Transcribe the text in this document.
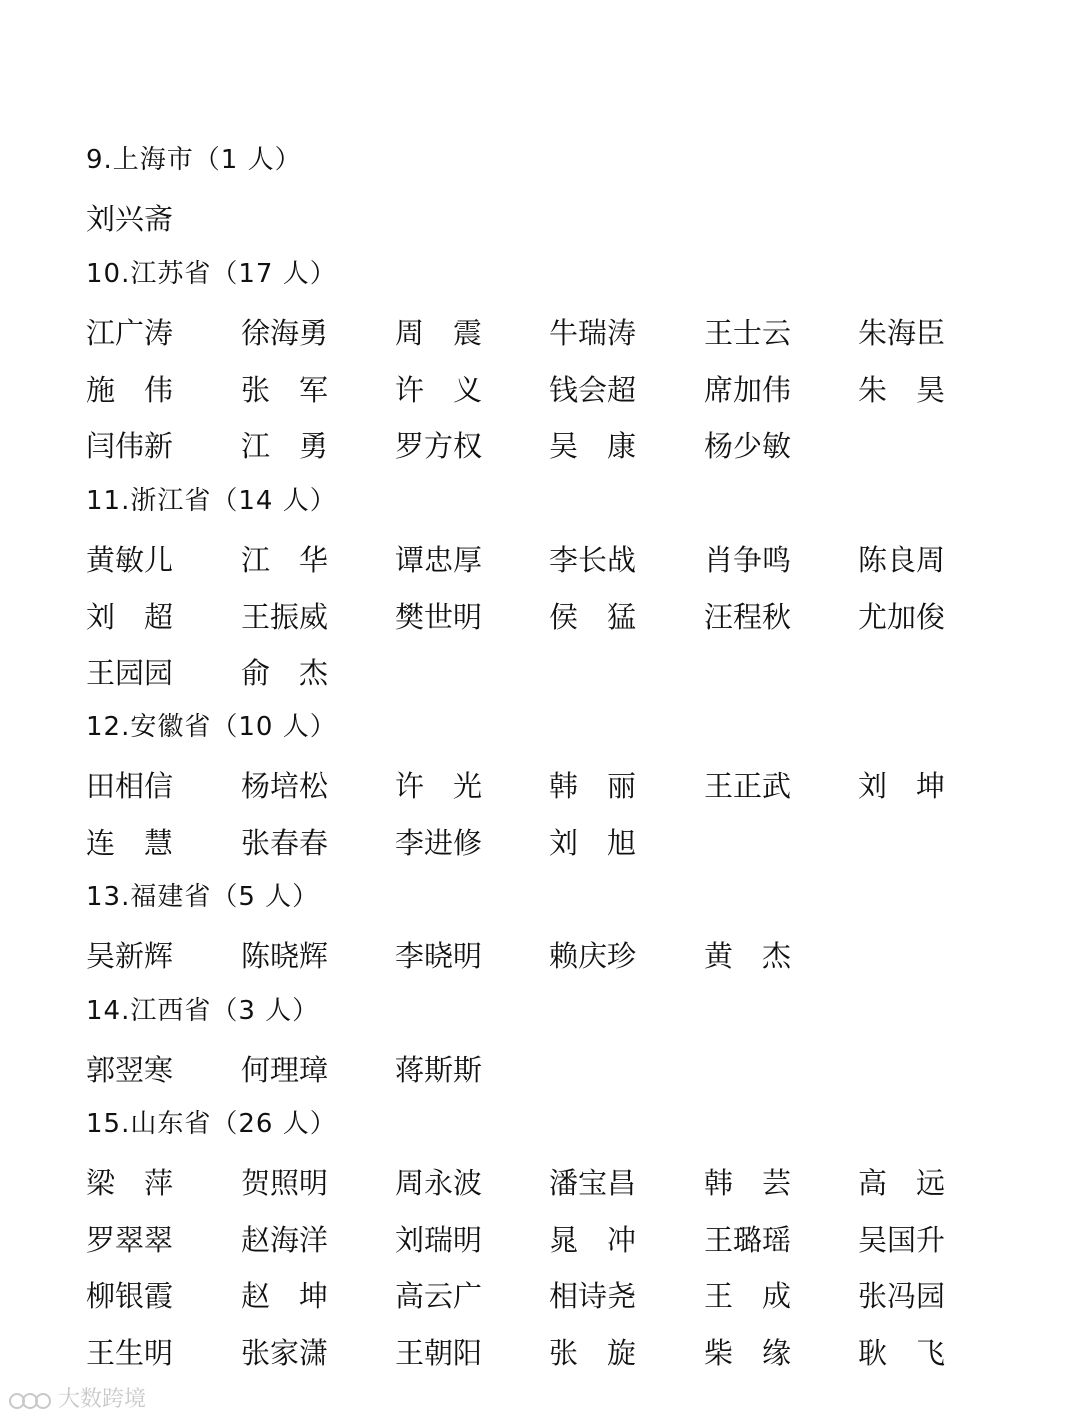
9.上海市（1 人）
刘兴斋
10.江苏省（17 人）
江广涛	徐海勇	周　震	牛瑞涛	王士云	朱海臣
施　伟	张　军	许　义	钱会超	席加伟	朱　昊
闫伟新	江　勇	罗方权	吴　康	杨少敏
11.浙江省（14 人）
黄敏儿	江　华	谭忠厚	李长战	肖争鸣	陈良周
刘　超	王振威	樊世明	侯　猛	汪程秋	尤加俊
王园园	俞　杰
12.安徽省（10 人）
田相信	杨培松	许　光	韩　丽	王正武	刘　坤
连　慧	张春春	李进修	刘　旭
13.福建省（5 人）
吴新辉	陈晓辉	李晓明	赖庆珍	黄　杰
14.江西省（3 人）
郭翌寒	何理璋	蒋斯斯
15.山东省（26 人）
梁　萍	贺照明	周永波	潘宝昌	韩　芸	高　远
罗翠翠	赵海洋	刘瑞明	晁　冲	王璐瑶	吴国升
柳银霞	赵　坤	高云广	相诗尧	王　成	张冯园
王生明	张家潇	王朝阳	张　旋	柴　缘	耿　飞
大数跨境
